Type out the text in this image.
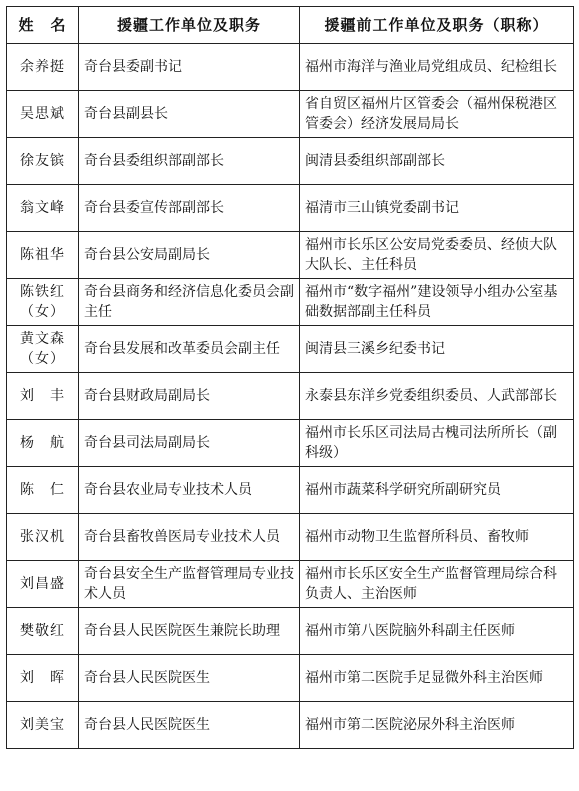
姓　名	援疆工作单位及职务	援疆前工作单位及职务（职称）
余养挺	奇台县委副书记	福州市海洋与渔业局党组成员、纪检组长
吴思斌	奇台县副县长	省自贸区福州片区管委会（福州保税港区管委会）经济发展局局长
徐友镔	奇台县委组织部副部长	闽清县委组织部副部长
翁文峰	奇台县委宣传部副部长	福清市三山镇党委副书记
陈祖华	奇台县公安局副局长	福州市长乐区公安局党委委员、经侦大队大队长、主任科员
陈铁红（女）	奇台县商务和经济信息化委员会副主任	福州市“数字福州”建设领导小组办公室基础数据部副主任科员
黄文森（女）	奇台县发展和改革委员会副主任	闽清县三溪乡纪委书记
刘　丰	奇台县财政局副局长	永泰县东洋乡党委组织委员、人武部部长
杨　航	奇台县司法局副局长	福州市长乐区司法局古槐司法所所长（副科级）
陈　仁	奇台县农业局专业技术人员	福州市蔬菜科学研究所副研究员
张汉机	奇台县畜牧兽医局专业技术人员	福州市动物卫生监督所科员、畜牧师
刘昌盛	奇台县安全生产监督管理局专业技术人员	福州市长乐区安全生产监督管理局综合科负责人、主治医师
樊敬红	奇台县人民医院医生兼院长助理	福州市第八医院脑外科副主任医师
刘　晖	奇台县人民医院医生	福州市第二医院手足显微外科主治医师
刘美宝	奇台县人民医院医生	福州市第二医院泌尿外科主治医师
